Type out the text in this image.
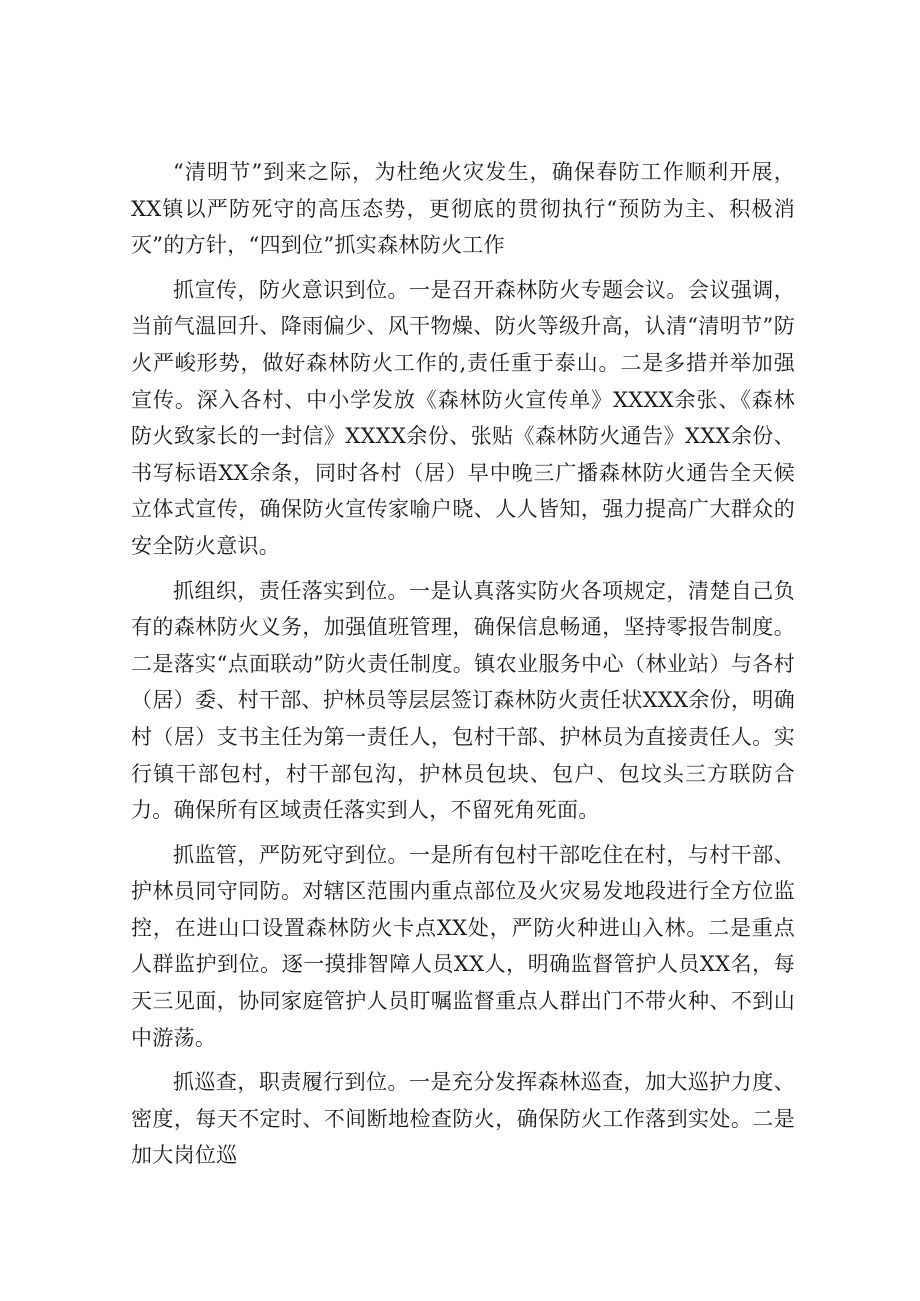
“清明节”到来之际，为杜绝火灾发生，确保春防工作顺利开展，XX镇以严防死守的高压态势，更彻底的贯彻执行“预防为主、积极消灭”的方针，“四到位”抓实森林防火工作

抓宣传，防火意识到位。一是召开森林防火专题会议。会议强调，当前气温回升、降雨偏少、风干物燥、防火等级升高，认清“清明节”防火严峻形势，做好森林防火工作的,责任重于泰山。二是多措并举加强宣传。深入各村、中小学发放《森林防火宣传单》XXXX余张、《森林防火致家长的一封信》XXXX余份、张贴《森林防火通告》XXX余份、书写标语XX余条，同时各村（居）早中晚三广播森林防火通告全天候立体式宣传，确保防火宣传家喻户晓、人人皆知，强力提高广大群众的安全防火意识。

抓组织，责任落实到位。一是认真落实防火各项规定，清楚自己负有的森林防火义务，加强值班管理，确保信息畅通，坚持零报告制度。二是落实“点面联动”防火责任制度。镇农业服务中心（林业站）与各村（居）委、村干部、护林员等层层签订森林防火责任状XXX余份，明确村（居）支书主任为第一责任人，包村干部、护林员为直接责任人。实行镇干部包村，村干部包沟，护林员包块、包户、包坟头三方联防合力。确保所有区域责任落实到人，不留死角死面。

抓监管，严防死守到位。一是所有包村干部吃住在村，与村干部、护林员同守同防。对辖区范围内重点部位及火灾易发地段进行全方位监控，在进山口设置森林防火卡点XX处，严防火种进山入林。二是重点人群监护到位。逐一摸排智障人员XX人，明确监督管护人员XX名，每天三见面，协同家庭管护人员盯嘱监督重点人群出门不带火种、不到山中游荡。

抓巡查，职责履行到位。一是充分发挥森林巡查，加大巡护力度、密度，每天不定时、不间断地检查防火，确保防火工作落到实处。二是加大岗位巡
